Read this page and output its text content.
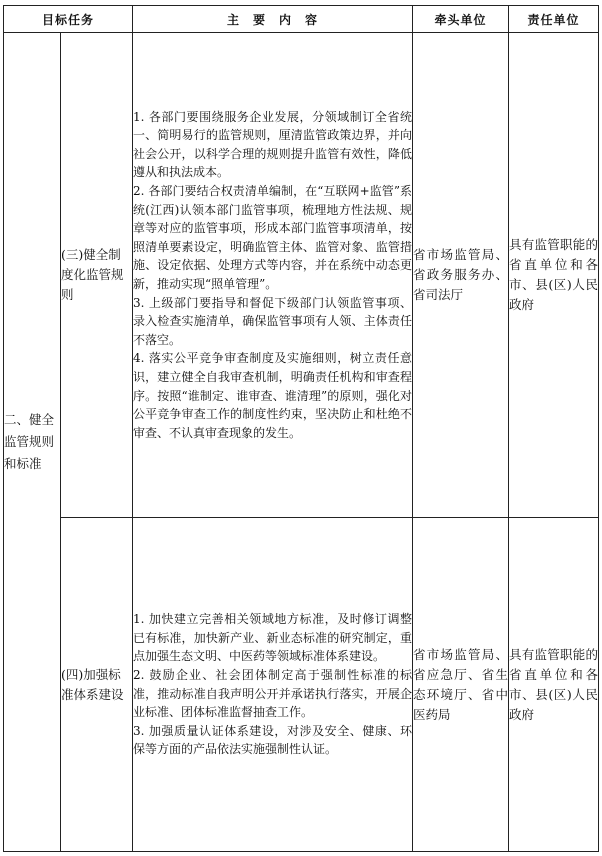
目标任务		主　要　内　容	牵头单位	责任单位
二、健全监管规则和标准	(三)健全制度化监管规则	1. 各部门要围绕服务企业发展，分领域制订全省统一、简明易行的监管规则，厘清监管政策边界，并向社会公开，以科学合理的规则提升监管有效性，降低遵从和执法成本。

2. 各部门要结合权责清单编制，在“互联网+监管”系统(江西)认领本部门监管事项，梳理地方性法规、规章等对应的监管事项，形成本部门监管事项清单，按照清单要素设定，明确监管主体、监管对象、监管措施、设定依据、处理方式等内容，并在系统中动态更新，推动实现“照单管理”。

3. 上级部门要指导和督促下级部门认领监管事项、录入检查实施清单，确保监管事项有人领、主体责任不落空。

4. 落实公平竞争审查制度及实施细则，树立责任意识，建立健全自我审查机制，明确责任机构和审查程序。按照“谁制定、谁审查、谁清理”的原则，强化对公平竞争审查工作的制度性约束，坚决防止和杜绝不审查、不认真审查现象的发生。	省市场监管局、省政务服务办、省司法厅	具有监管职能的省直单位和各市、县(区)人民政府
	(四)加强标准体系建设	1. 加快建立完善相关领域地方标准，及时修订调整已有标准，加快新产业、新业态标准的研究制定，重点加强生态文明、中医药等领域标准体系建设。

2. 鼓励企业、社会团体制定高于强制性标准的标准，推动标准自我声明公开并承诺执行落实，开展企业标准、团体标准监督抽查工作。

3. 加强质量认证体系建设，对涉及安全、健康、环保等方面的产品依法实施强制性认证。	省市场监管局、省应急厅、省生态环境厅、省中医药局	具有监管职能的省直单位和各市、县(区)人民政府
